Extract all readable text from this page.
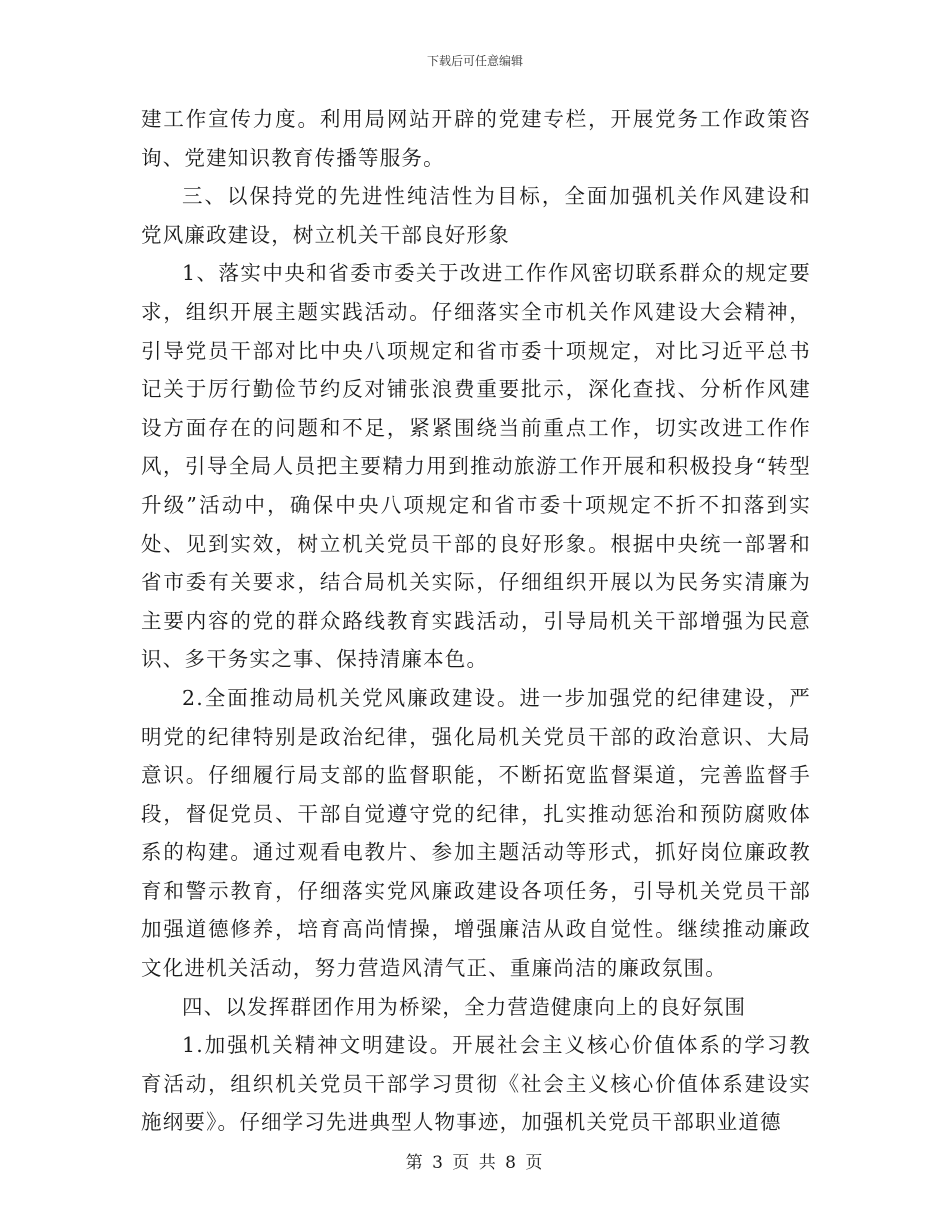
下载后可任意编辑

建工作宣传力度。利用局网站开辟的党建专栏，开展党务工作政策咨询、党建知识教育传播等服务。

三、以保持党的先进性纯洁性为目标，全面加强机关作风建设和党风廉政建设，树立机关干部良好形象

1、落实中央和省委市委关于改进工作作风密切联系群众的规定要求，组织开展主题实践活动。仔细落实全市机关作风建设大会精神，引导党员干部对比中央八项规定和省市委十项规定，对比习近平总书记关于厉行勤俭节约反对铺张浪费重要批示，深化查找、分析作风建设方面存在的问题和不足，紧紧围绕当前重点工作，切实改进工作作风，引导全局人员把主要精力用到推动旅游工作开展和积极投身“转型升级”活动中，确保中央八项规定和省市委十项规定不折不扣落到实处、见到实效，树立机关党员干部的良好形象。根据中央统一部署和省市委有关要求，结合局机关实际，仔细组织开展以为民务实清廉为主要内容的党的群众路线教育实践活动，引导局机关干部增强为民意识、多干务实之事、保持清廉本色。

2.全面推动局机关党风廉政建设。进一步加强党的纪律建设，严明党的纪律特别是政治纪律，强化局机关党员干部的政治意识、大局意识。仔细履行局支部的监督职能，不断拓宽监督渠道，完善监督手段，督促党员、干部自觉遵守党的纪律，扎实推动惩治和预防腐败体系的构建。通过观看电教片、参加主题活动等形式，抓好岗位廉政教育和警示教育，仔细落实党风廉政建设各项任务，引导机关党员干部加强道德修养，培育高尚情操，增强廉洁从政自觉性。继续推动廉政文化进机关活动，努力营造风清气正、重廉尚洁的廉政氛围。

四、以发挥群团作用为桥梁，全力营造健康向上的良好氛围

1.加强机关精神文明建设。开展社会主义核心价值体系的学习教育活动，组织机关党员干部学习贯彻《社会主义核心价值体系建设实施纲要》。仔细学习先进典型人物事迹，加强机关党员干部职业道德

第 3 页 共 8 页
